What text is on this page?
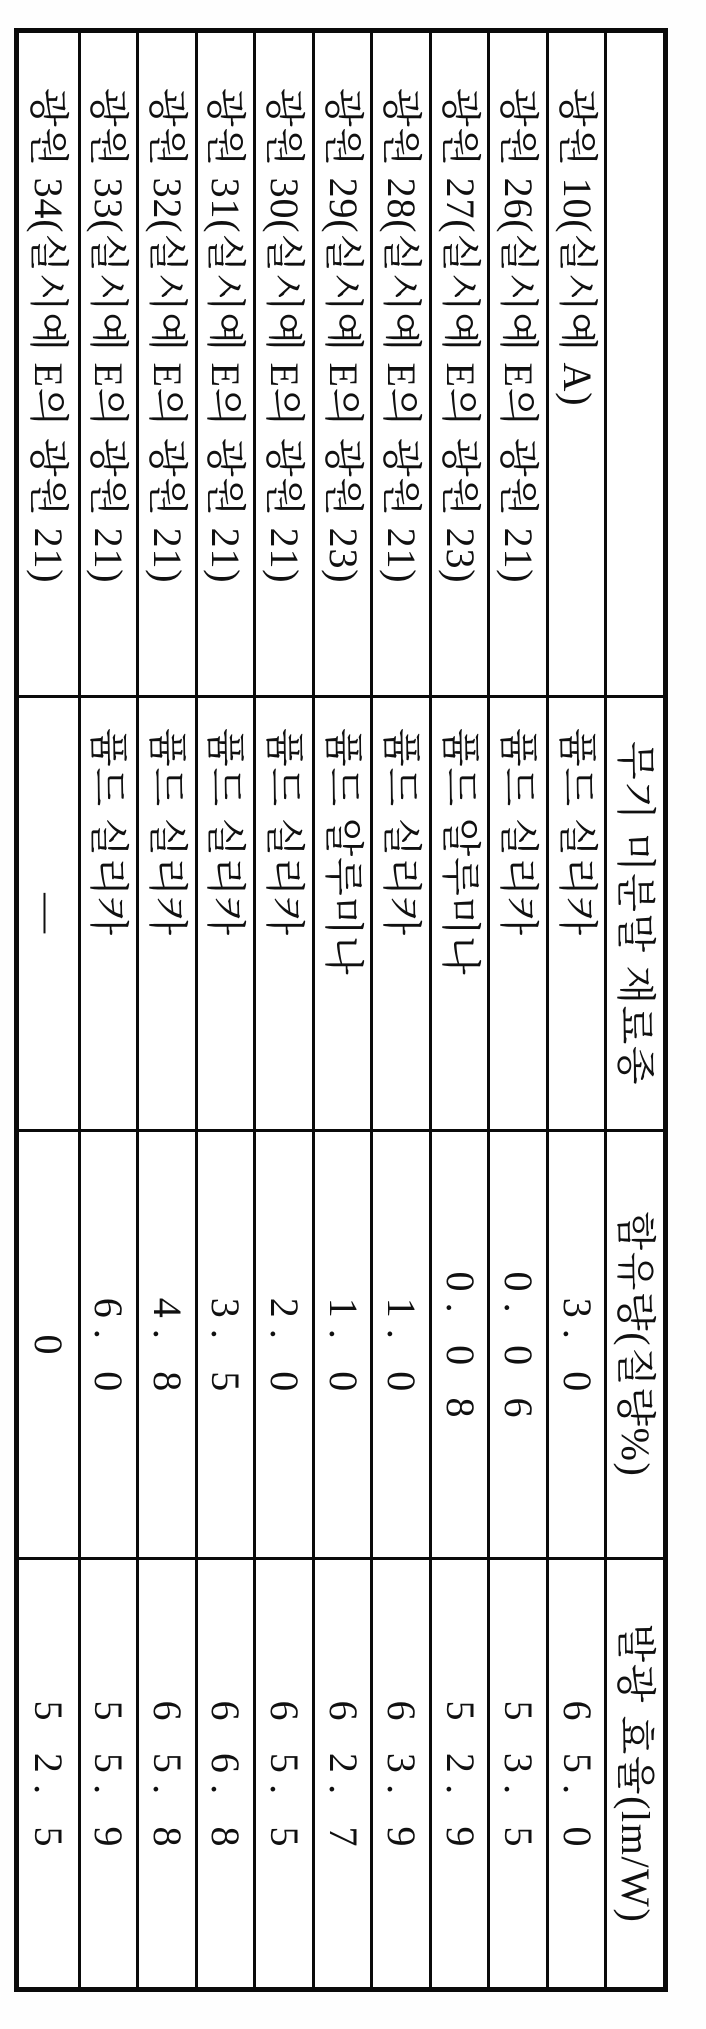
무기 미분말 재료종
함유량(질량%)
발광 효율(lm/W)
광원 10(실시예 A)
퓸드 실리카
3. 0
6 5. 0
광원 26(실시예 E의 광원 21)
퓸드 실리카
0. 0 6
5 3. 5
광원 27(실시예 E의 광원 23)
퓸드 알루미나
0. 0 8
5 2. 9
광원 28(실시예 E의 광원 21)
퓸드 실리카
1. 0
6 3. 9
광원 29(실시예 E의 광원 23)
퓸드 알루미나
1. 0
6 2. 7
광원 30(실시예 E의 광원 21)
퓸드 실리카
2. 0
6 5. 5
광원 31(실시예 E의 광원 21)
퓸드 실리카
3. 5
6 6. 8
광원 32(실시예 E의 광원 21)
퓸드 실리카
4. 8
6 5. 8
광원 33(실시예 E의 광원 21)
퓸드 실리카
6. 0
5 5. 9
광원 34(실시예 E의 광원 21)
—
0
5 2. 5
